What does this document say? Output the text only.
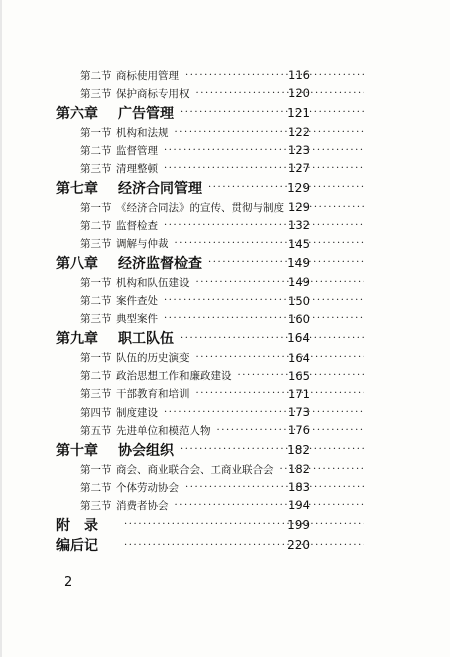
第二节 商标使用管理 ·····	116
第三节 保护商标专用权 ·····	120
第六章	广告管理 ·····	121
第一节 机构和法规 ·····	122
第二节 监督管理 ·····	123
第三节 清理整顿 ·····	127
第七章	经济合同管理 ·····	129
第一节 《经济合同法》的宣传、贯彻与制度 ····· 129
第二节 监督检查 ·····	132
第三节 调解与仲裁 ·····	145
第八章	经济监督检查 ·····	149
第一节 机构和队伍建设 ·····	149
第二节 案件查处 ·····	150
第三节 典型案件 ·····	160
第九章	职工队伍 ·····	164
第一节 队伍的历史演变 ·····	164
第二节 政治思想工作和廉政建设 ·····	165
第三节 干部教育和培训 ·····	171
第四节 制度建设 ·····	173
第五节 先进单位和模范人物 ·····	176
第十章	协会组织 ·····	182
第一节 商会、商业联合会、工商业联合会 ·····	182
第二节 个体劳动协会 ·····	183
第三节 消费者协会 ·····	194
附　录 ·····	199
编后记 ·····	220
2
